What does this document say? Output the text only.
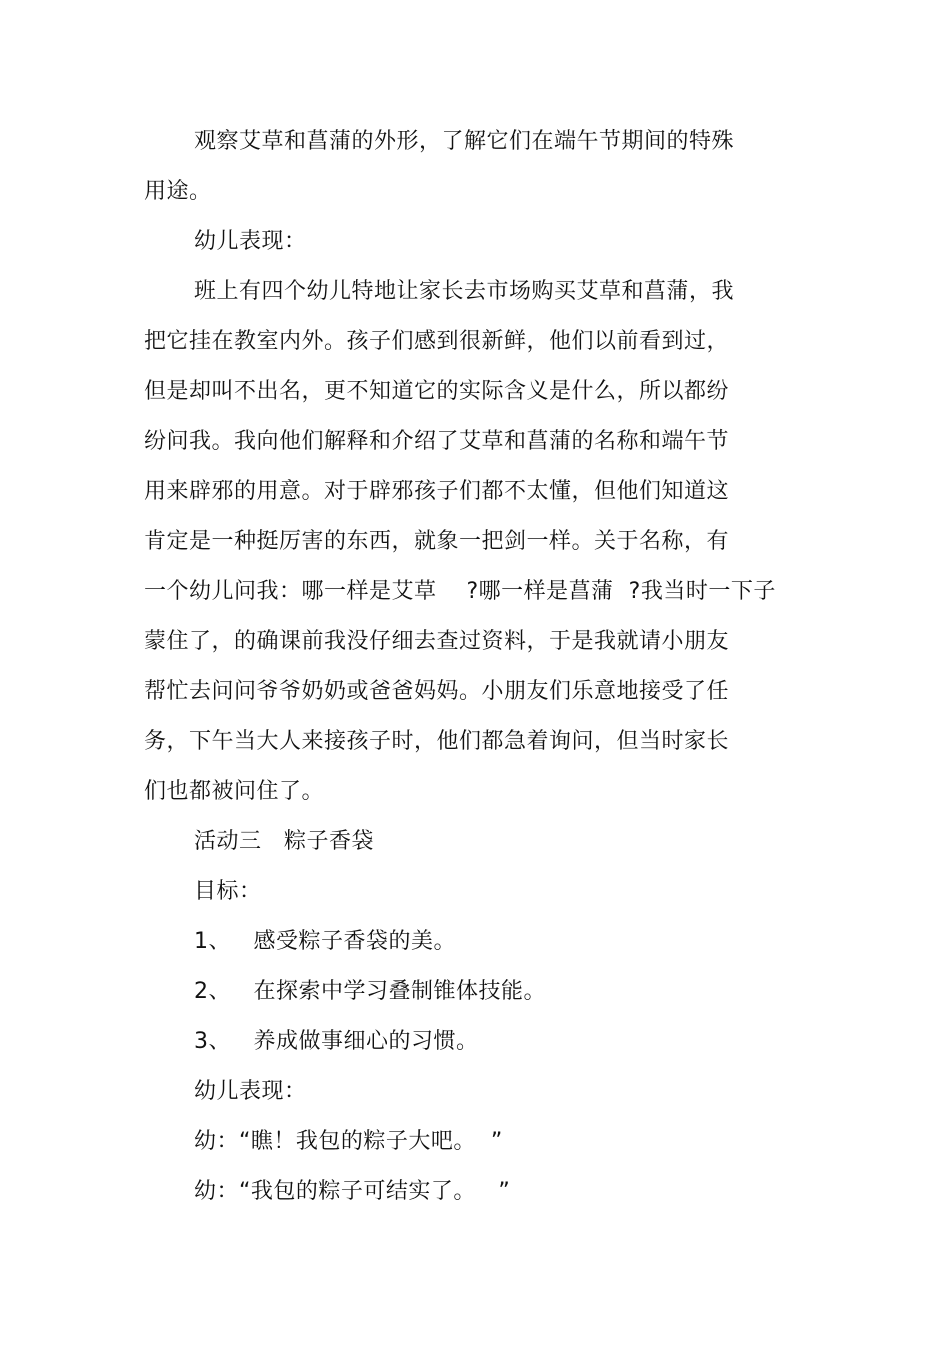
观察艾草和菖蒲的外形，了解它们在端午节期间的特殊
用途。
幼儿表现：
班上有四个幼儿特地让家长去市场购买艾草和菖蒲，我
把它挂在教室内外。孩子们感到很新鲜，他们以前看到过，
但是却叫不出名，更不知道它的实际含义是什么，所以都纷
纷问我。我向他们解释和介绍了艾草和菖蒲的名称和端午节
用来辟邪的用意。对于辟邪孩子们都不太懂，但他们知道这
肯定是一种挺厉害的东西，就象一把剑一样。关于名称，有
一个幼儿问我：哪一样是艾草    ?哪一样是菖蒲  ?我当时一下子
蒙住了，的确课前我没仔细去查过资料，于是我就请小朋友
帮忙去问问爷爷奶奶或爸爸妈妈。小朋友们乐意地接受了任
务，下午当大人来接孩子时，他们都急着询问，但当时家长
们也都被问住了。
活动三   粽子香袋
目标：
1、   感受粽子香袋的美。
2、   在探索中学习叠制锥体技能。
3、   养成做事细心的习惯。
幼儿表现：
幼：“瞧！我包的粽子大吧。  ”
幼：“我包的粽子可结实了。   ”
